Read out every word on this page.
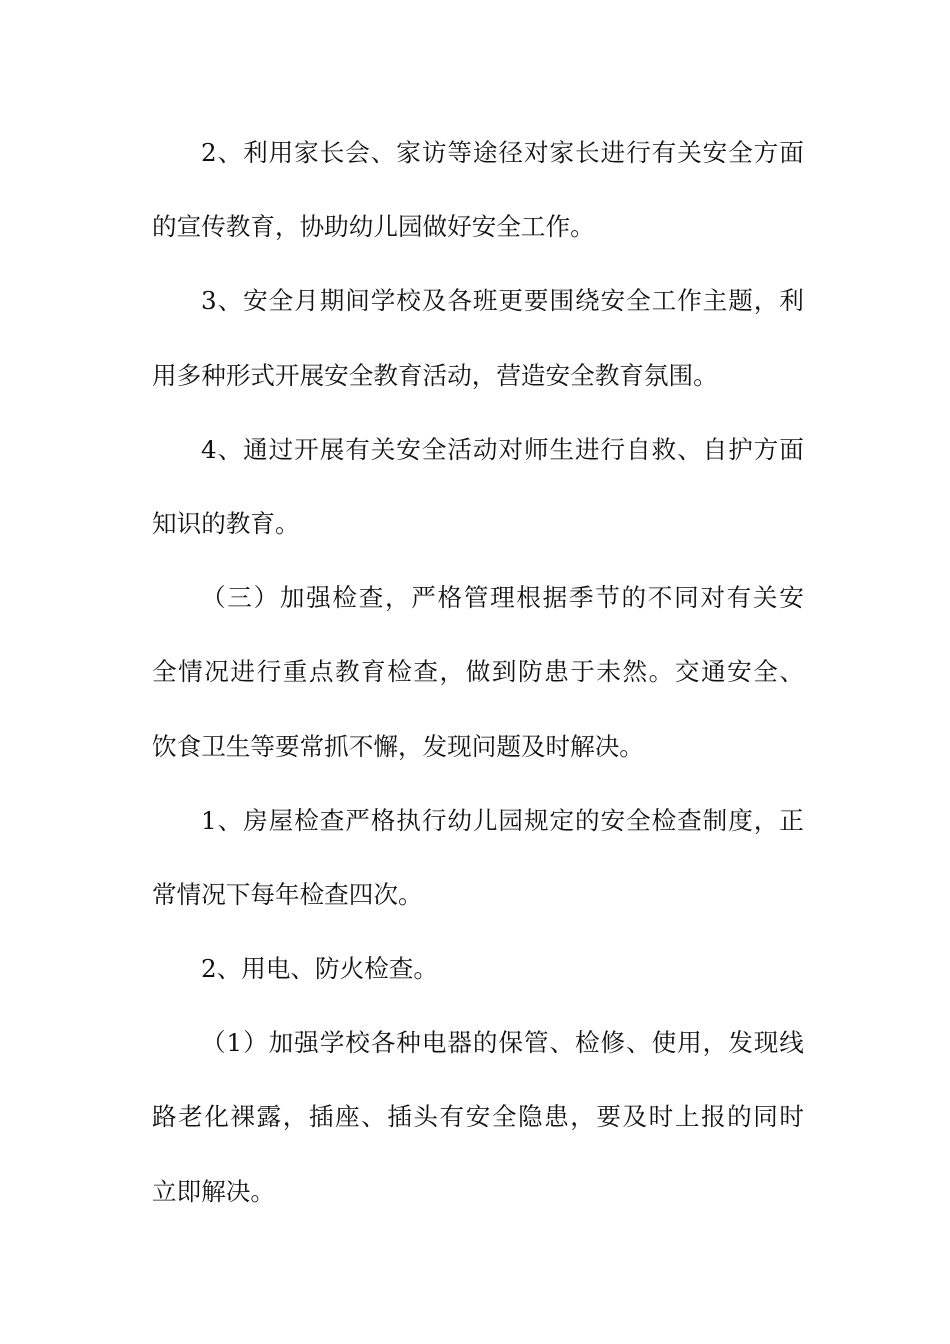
2 、 利 用 家 长 会 、 家 访 等 途 径 对 家 长 进 行 有 关 安 全 方 面
的宣传教育，协助幼儿园做好安全工作。
3 、 安 全 月 期 间 学 校 及 各 班 更 要 围 绕 安 全 工 作 主 题 ， 利
用多种形式开展安全教育活动，营造安全教育氛围。
4 、 通 过 开 展 有 关 安 全 活 动 对 师 生 进 行 自 救 、 自 护 方 面
知识的教育。
（ 三 ） 加 强 检 查 ， 严 格 管 理 根 据 季 节 的 不 同 对 有 关 安
全 情 况 进 行 重 点 教 育 检 查 ， 做 到 防 患 于 未 然 。 交 通 安 全 、
饮食卫生等要常抓不懈，发现问题及时解决。
1 、 房 屋 检 查 严 格 执 行 幼 儿 园 规 定 的 安 全 检 查 制 度 ， 正
常情况下每年检查四次。
2、用电、防火检查。
（ 1 ） 加 强 学 校 各 种 电 器 的 保 管 、 检 修 、 使 用 ， 发 现 线
路 老 化 裸 露 ， 插 座 、 插 头 有 安 全 隐 患 ， 要 及 时 上 报 的 同 时
立即解决。
